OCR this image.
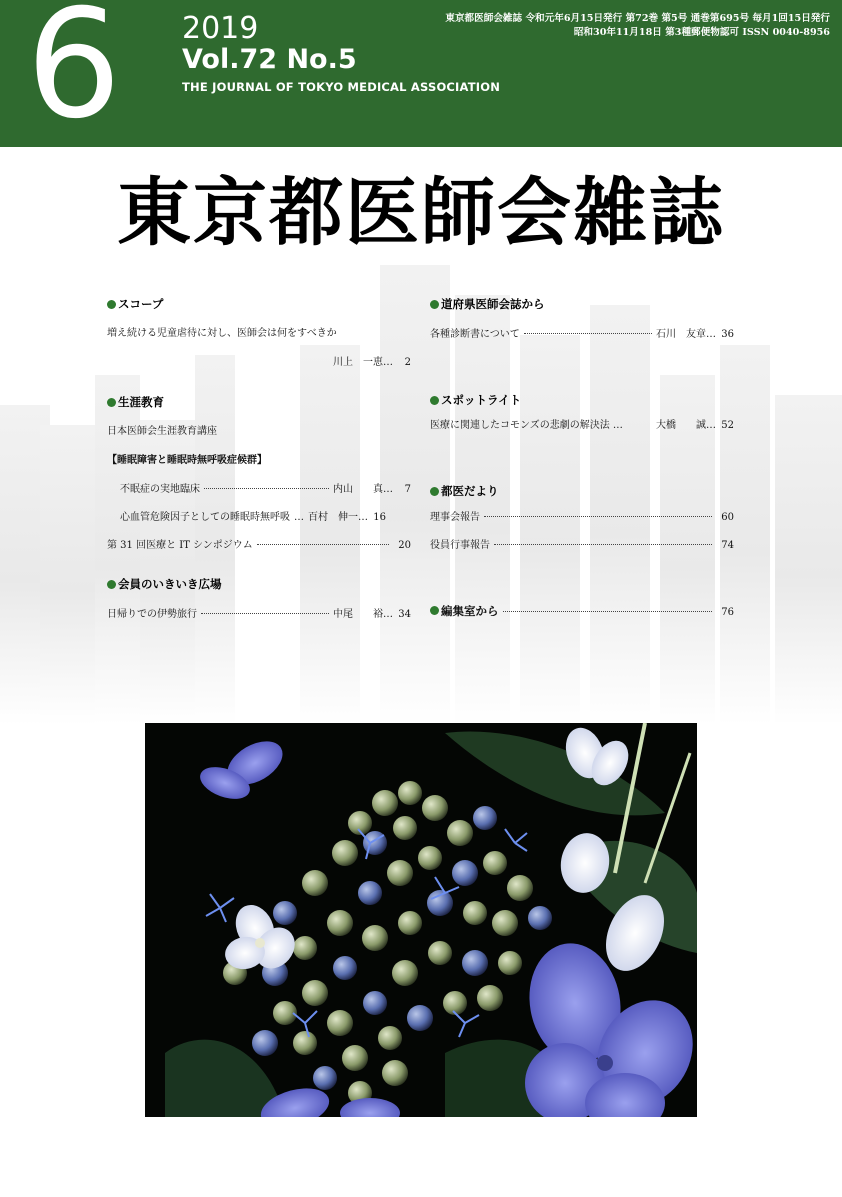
6 2019
Vol.72 No.5
THE JOURNAL OF TOKYO MEDICAL ASSOCIATION
東京都医師会雑誌 令和元年6月15日発行 第72巻 第5号 通巻第695号 毎月1回15日発行
昭和30年11月18日 第3種郵便物認可 ISSN 0040-8956
東京都医師会雑誌
スコープ
増え続ける児童虐待に対し、医師会は何をすべきか
川上　一恵…	2
生涯教育
日本医師会生涯教育講座
【睡眠障害と睡眠時無呼吸症候群】
不眠症の実地臨床	内山　　真…	7
心血管危険因子としての睡眠時無呼吸 … 百村　伸一… 16
第 31 回医療と IT シンポジウム	20
会員のいきいき広場
日帰りでの伊勢旅行	中尾　　裕… 34
道府県医師会誌から
各種診断書について	石川　友章… 36
スポットライト
医療に関連したコモンズの悲劇の解決法 …	大橋　　誠… 52
都医だより
理事会報告	60
役員行事報告	74
編集室から	76
